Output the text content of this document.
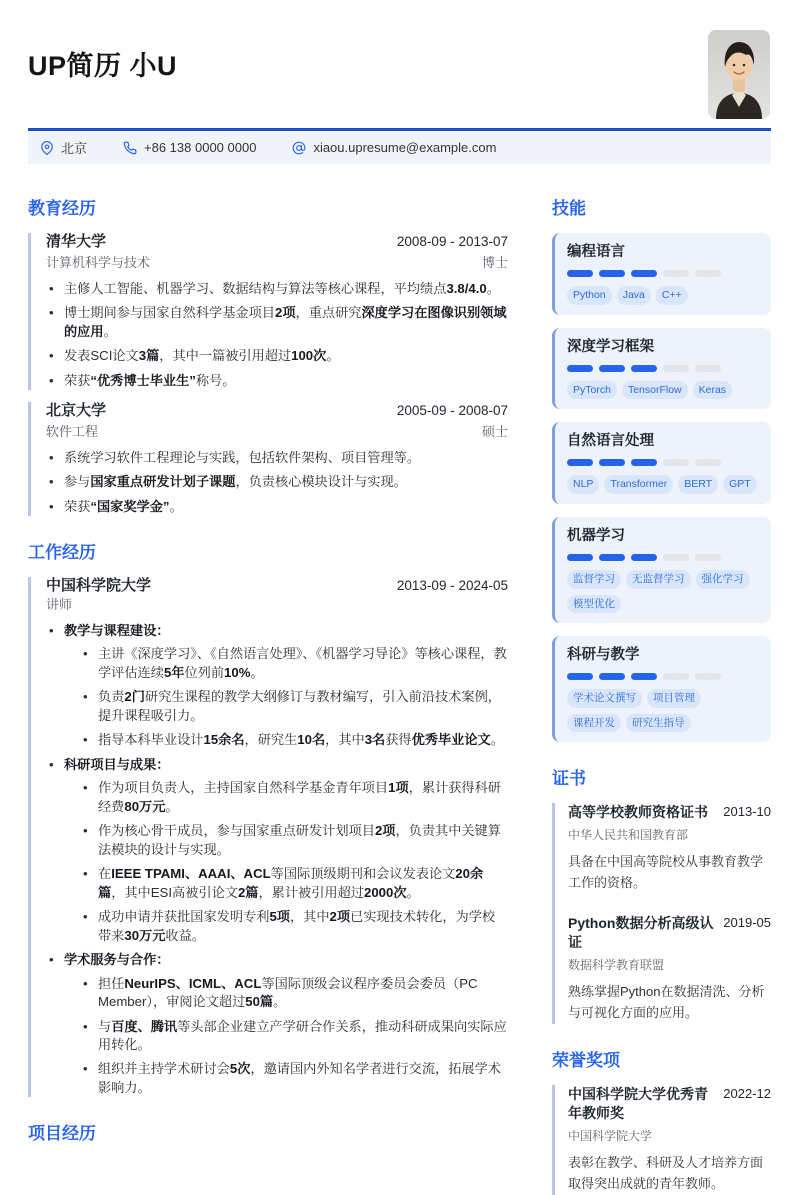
UP简历 小U
北京	+86 138 0000 0000	xiaou.upresume@example.com
教育经历
清华大学	2008-09 - 2013-07
计算机科学与技术	博士
• 主修人工智能、机器学习、数据结构与算法等核心课程，平均绩点3.8/4.0。
• 博士期间参与国家自然科学基金项目2项，重点研究深度学习在图像识别领域的应用。
• 发表SCI论文3篇，其中一篇被引用超过100次。
• 荣获“优秀博士毕业生”称号。
北京大学	2005-09 - 2008-07
软件工程	硕士
• 系统学习软件工程理论与实践，包括软件架构、项目管理等。
• 参与国家重点研发计划子课题，负责核心模块设计与实现。
• 荣获“国家奖学金”。
工作经历
中国科学院大学	2013-09 - 2024-05
讲师
• 教学与课程建设：
• 主讲《深度学习》、《自然语言处理》、《机器学习导论》等核心课程，教学评估连续5年位列前10%。
• 负责2门研究生课程的教学大纲修订与教材编写，引入前沿技术案例，提升课程吸引力。
• 指导本科毕业设计15余名，研究生10名，其中3名获得优秀毕业论文。
• 科研项目与成果：
• 作为项目负责人，主持国家自然科学基金青年项目1项，累计获得科研经费80万元。
• 作为核心骨干成员，参与国家重点研发计划项目2项，负责其中关键算法模块的设计与实现。
• 在IEEE TPAMI、AAAI、ACL等国际顶级期刊和会议发表论文20余篇，其中ESI高被引论文2篇，累计被引用超过2000次。
• 成功申请并获批国家发明专利5项，其中2项已实现技术转化，为学校带来30万元收益。
• 学术服务与合作：
• 担任NeurIPS、ICML、ACL等国际顶级会议程序委员会委员（PC Member），审阅论文超过50篇。
• 与百度、腾讯等头部企业建立产学研合作关系，推动科研成果向实际应用转化。
• 组织并主持学术研讨会5次，邀请国内外知名学者进行交流，拓展学术影响力。
项目经历
技能
编程语言
Python	Java	C++
深度学习框架
PyTorch	TensorFlow	Keras
自然语言处理
NLP	Transformer	BERT	GPT
机器学习
监督学习	无监督学习	强化学习
模型优化
科研与教学
学术论文撰写	项目管理
课程开发	研究生指导
证书
高等学校教师资格证书 2013-10
中华人民共和国教育部
具备在中国高等院校从事教育教学工作的资格。
Python数据分析高级认证
2019-05
数据科学教育联盟
熟练掌握Python在数据清洗、分析与可视化方面的应用。
荣誉奖项
中国科学院大学优秀青年教师奖
2022-12
中国科学院大学
表彰在教学、科研及人才培养方面取得突出成就的青年教师。
